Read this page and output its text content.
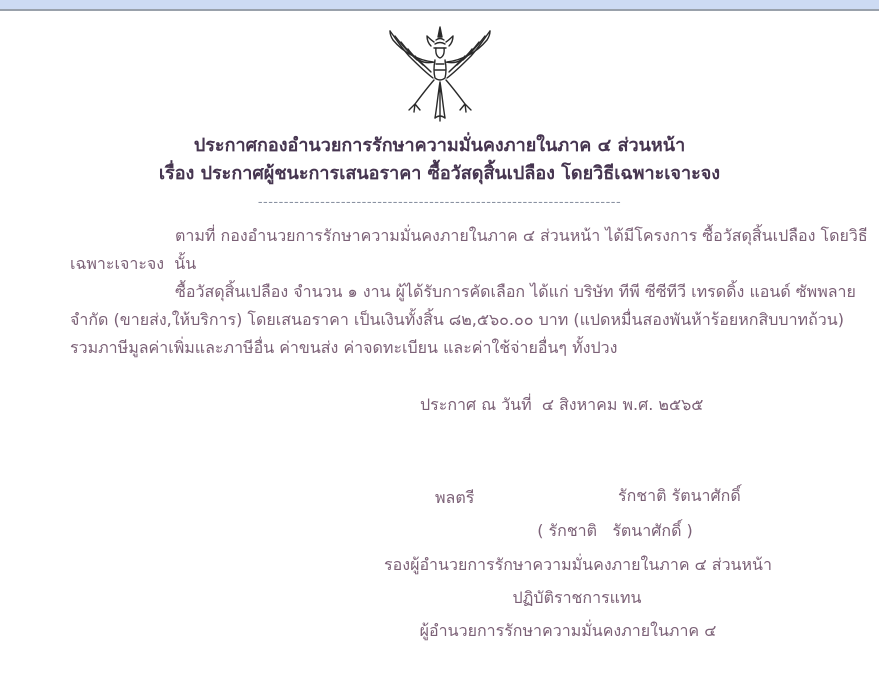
ประกาศกองอำนวยการรักษาความมั่นคงภายในภาค ๔ ส่วนหน้า
เรื่อง ประกาศผู้ชนะการเสนอราคา ซื้อวัสดุสิ้นเปลือง โดยวิธีเฉพาะเจาะจง
----------------------------------------------------------------------
ตามที่ กองอำนวยการรักษาความมั่นคงภายในภาค ๔ ส่วนหน้า ได้มีโครงการ ซื้อวัสดุสิ้นเปลือง โดยวิธี
เฉพาะเจาะจง  นั้น
ซื้อวัสดุสิ้นเปลือง จำนวน ๑ งาน ผู้ได้รับการคัดเลือก ได้แก่ บริษัท ทีพี ซีซีทีวี เทรดดิ้ง แอนด์ ซัพพลาย
จำกัด (ขายส่ง,ให้บริการ) โดยเสนอราคา เป็นเงินทั้งสิ้น ๘๒,๕๖๐.๐๐ บาท (แปดหมื่นสองพันห้าร้อยหกสิบบาทถ้วน)
รวมภาษีมูลค่าเพิ่มและภาษีอื่น ค่าขนส่ง ค่าจดทะเบียน และค่าใช้จ่ายอื่นๆ ทั้งปวง
ประกาศ ณ วันที่  ๔ สิงหาคม พ.ศ. ๒๕๖๕
พลตรี	รักชาติ รัตนาศักดิ์
( รักชาติ   รัตนาศักดิ์ )
รองผู้อำนวยการรักษาความมั่นคงภายในภาค ๔ ส่วนหน้า
ปฏิบัติราชการแทน
ผู้อำนวยการรักษาความมั่นคงภายในภาค ๔
